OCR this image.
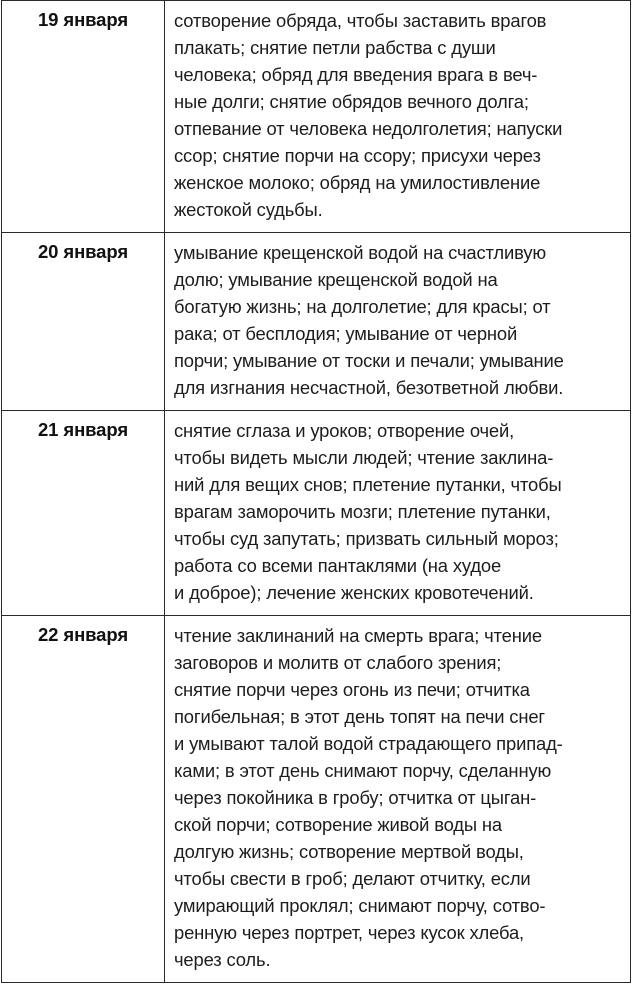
19 января	сотворение обряда, чтобы заставить врагов
плакать; снятие петли рабства с души
человека; обряд для введения врага в веч-
ные долги; снятие обрядов вечного долга;
отпевание от человека недолголетия; напуски
ссор; снятие порчи на ссору; присухи через
женское молоко; обряд на умилостивление
жестокой судьбы.

20 января	умывание крещенской водой на счастливую
долю; умывание крещенской водой на
богатую жизнь; на долголетие; для красы; от
рака; от бесплодия; умывание от черной
порчи; умывание от тоски и печали; умывание
для изгнания несчастной, безответной любви.

21 января	снятие сглаза и уроков; отворение очей,
чтобы видеть мысли людей; чтение заклина-
ний для вещих снов; плетение путанки, чтобы
врагам заморочить мозги; плетение путанки,
чтобы суд запутать; призвать сильный мороз;
работа со всеми пантаклями (на худое
и доброе); лечение женских кровотечений.

22 января	чтение заклинаний на смерть врага; чтение
заговоров и молитв от слабого зрения;
снятие порчи через огонь из печи; отчитка
погибельная; в этот день топят на печи снег
и умывают талой водой страдающего припад-
ками; в этот день снимают порчу, сделанную
через покойника в гробу; отчитка от цыган-
ской порчи; сотворение живой воды на
долгую жизнь; сотворение мертвой воды,
чтобы свести в гроб; делают отчитку, если
умирающий проклял; снимают порчу, сотво-
ренную через портрет, через кусок хлеба,
через соль.
